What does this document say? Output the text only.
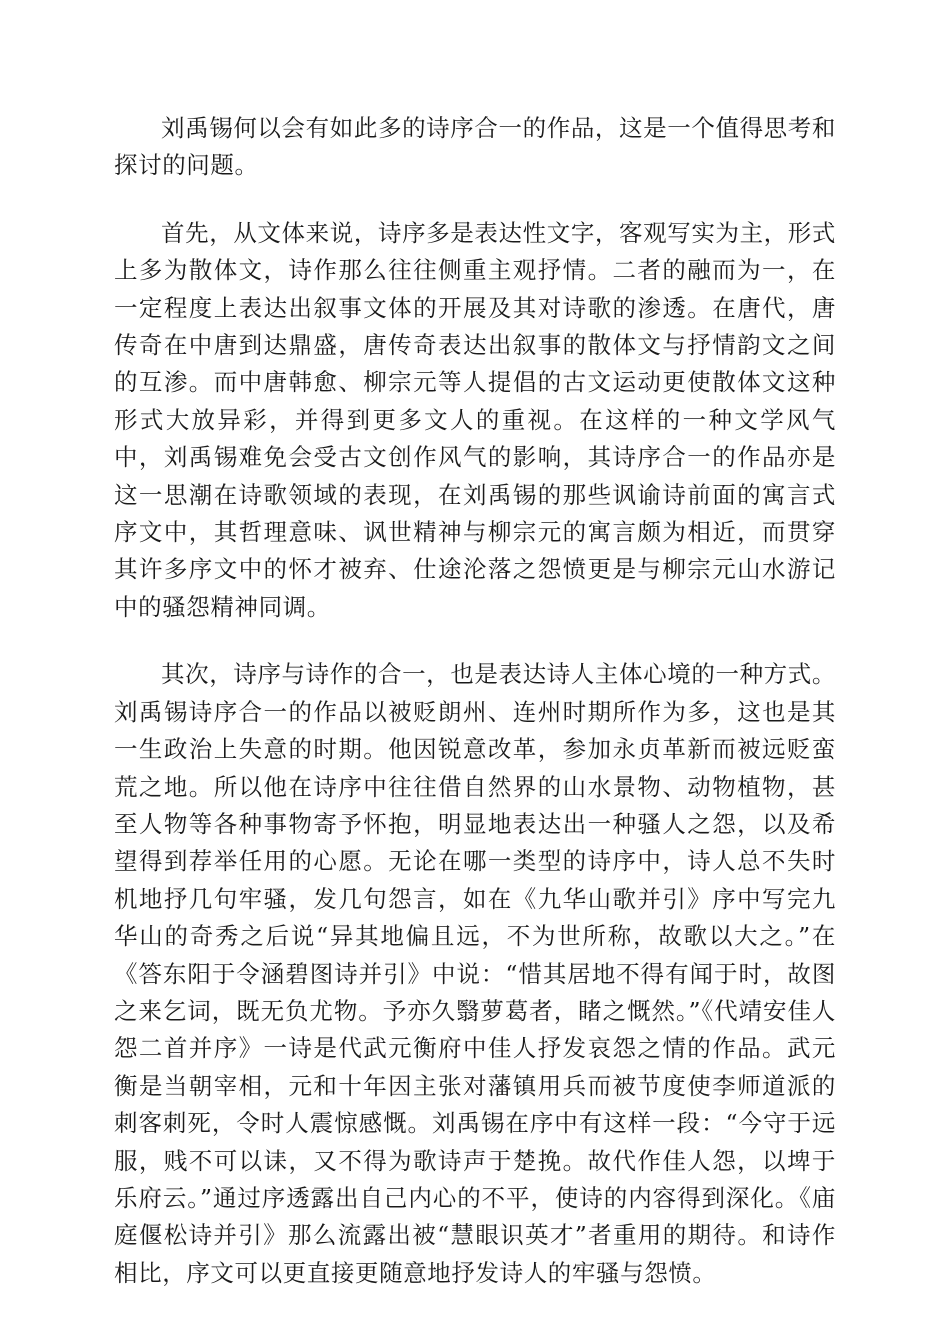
刘禹锡何以会有如此多的诗序合一的作品，这是一个值得思考和探讨的问题。

首先，从文体来说，诗序多是表达性文字，客观写实为主，形式上多为散体文，诗作那么往往侧重主观抒情。二者的融而为一，在一定程度上表达出叙事文体的开展及其对诗歌的渗透。在唐代，唐传奇在中唐到达鼎盛，唐传奇表达出叙事的散体文与抒情韵文之间的互渗。而中唐韩愈、柳宗元等人提倡的古文运动更使散体文这种形式大放异彩，并得到更多文人的重视。在这样的一种文学风气中，刘禹锡难免会受古文创作风气的影响，其诗序合一的作品亦是这一思潮在诗歌领域的表现，在刘禹锡的那些讽谕诗前面的寓言式序文中，其哲理意味、讽世精神与柳宗元的寓言颇为相近，而贯穿其许多序文中的怀才被弃、仕途沦落之怨愤更是与柳宗元山水游记中的骚怨精神同调。

其次，诗序与诗作的合一，也是表达诗人主体心境的一种方式。刘禹锡诗序合一的作品以被贬朗州、连州时期所作为多，这也是其一生政治上失意的时期。他因锐意改革，参加永贞革新而被远贬蛮荒之地。所以他在诗序中往往借自然界的山水景物、动物植物，甚至人物等各种事物寄予怀抱，明显地表达出一种骚人之怨，以及希望得到荐举任用的心愿。无论在哪一类型的诗序中，诗人总不失时机地抒几句牢骚，发几句怨言，如在《九华山歌并引》序中写完九华山的奇秀之后说“异其地偏且远，不为世所称，故歌以大之。”在《答东阳于令涵碧图诗并引》中说：“惜其居地不得有闻于时，故图之来乞词，既无负尤物。予亦久翳萝葛者，睹之慨然。”《代靖安佳人怨二首并序》一诗是代武元衡府中佳人抒发哀怨之情的作品。武元衡是当朝宰相，元和十年因主张对藩镇用兵而被节度使李师道派的刺客刺死，令时人震惊感慨。刘禹锡在序中有这样一段：“今守于远服，贱不可以诔，又不得为歌诗声于楚挽。故代作佳人怨，以埤于乐府云。”通过序透露出自己内心的不平，使诗的内容得到深化。《庙庭偃松诗并引》那么流露出被“慧眼识英才”者重用的期待。和诗作相比，序文可以更直接更随意地抒发诗人的牢骚与怨愤。
